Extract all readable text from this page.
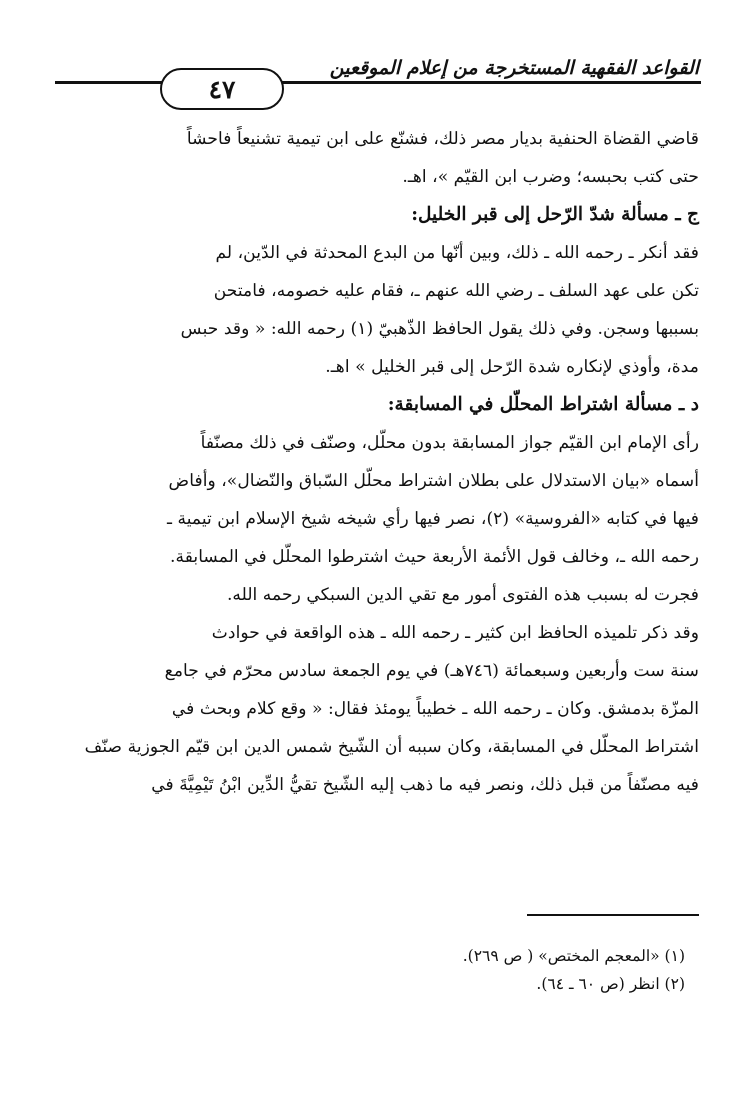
القواعد الفقهية المستخرجة من إعلام الموقعين
٤٧

قاضي القضاة الحنفية بديار مصر ذلك، فشنّع على ابن تيمية تشنيعاً فاحشاً

حتى كتب بحبسه؛ وضرب ابن القيّم »، اهـ.

ج ـ مسألة شدّ الرّحل إلى قبر الخليل:

فقد أنكر ـ رحمه الله ـ ذلك، وبين أنّها من البدع المحدثة في الدّين، لم

تكن على عهد السلف ـ رضي الله عنهم ـ، فقام عليه خصومه، فامتحن

بسببها وسجن. وفي ذلك يقول الحافظ الذّهبيّ (١) رحمه الله: « وقد حبس

مدة، وأوذي لإنكاره شدة الرّحل إلى قبر الخليل » اهـ.

د ـ مسألة اشتراط المحلّل في المسابقة:

رأى الإمام ابن القيّم جواز المسابقة بدون محلّل، وصنّف في ذلك مصنّفاً

أسماه «بيان الاستدلال على بطلان اشتراط محلّل السّباق والنّضال»، وأفاض

فيها في كتابه «الفروسية» (٢)، نصر فيها رأي شيخه شيخ الإسلام ابن تيمية ـ

رحمه الله ـ، وخالف قول الأئمة الأربعة حيث اشترطوا المحلّل في المسابقة.

فجرت له بسبب هذه الفتوى أمور مع تقي الدين السبكي رحمه الله.

وقد ذكر تلميذه الحافظ ابن كثير ـ رحمه الله ـ هذه الواقعة في حوادث

سنة ست وأربعين وسبعمائة (٧٤٦هـ) في يوم الجمعة سادس محرّم في جامع

المزّة بدمشق. وكان ـ رحمه الله ـ خطيباً يومئذ فقال: « وقع كلام وبحث في

اشتراط المحلّل في المسابقة، وكان سببه أن الشّيخ شمس الدين ابن قيّم الجوزية صنّف

فيه مصنّفاً من قبل ذلك، ونصر فيه ما ذهب إليه الشّيخ تقيُّ الدِّين ابْنُ تَيْمِيَّةَ في

(١) «المعجم المختص» ( ص ٢٦٩).
(٢) انظر (ص ٦٠ ـ ٦٤).
